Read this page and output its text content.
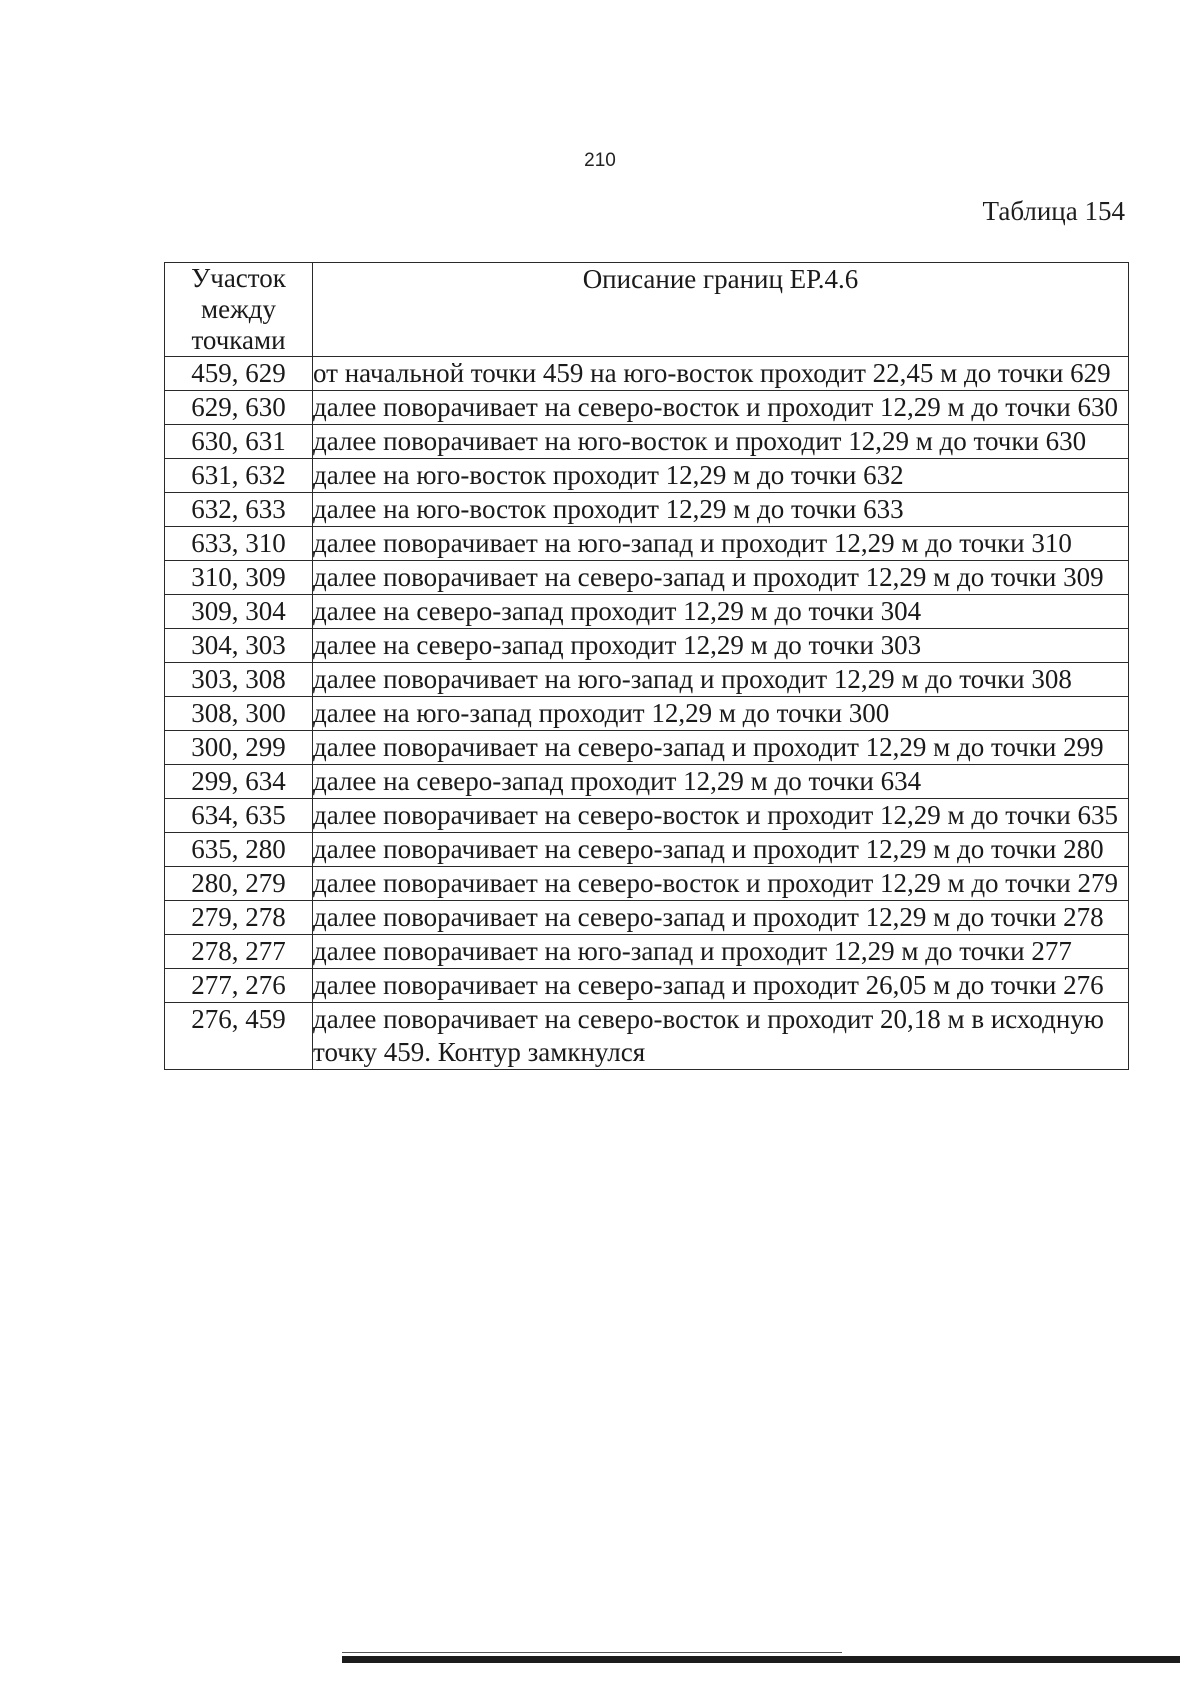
210
Таблица 154
Участок
между
точками	Описание границ ЕР.4.6
459, 629	от начальной точки 459 на юго-восток проходит 22,45 м до точки 629
629, 630	далее поворачивает на северо-восток и проходит 12,29 м до точки 630
630, 631	далее поворачивает на юго-восток и проходит 12,29 м до точки 630
631, 632	далее на юго-восток проходит 12,29 м до точки 632
632, 633	далее на юго-восток проходит 12,29 м до точки 633
633, 310	далее поворачивает на юго-запад и проходит 12,29 м до точки 310
310, 309	далее поворачивает на северо-запад и проходит 12,29 м до точки 309
309, 304	далее на северо-запад проходит 12,29 м до точки 304
304, 303	далее на северо-запад проходит 12,29 м до точки 303
303, 308	далее поворачивает на юго-запад и проходит 12,29 м до точки 308
308, 300	далее на юго-запад проходит 12,29 м до точки 300
300, 299	далее поворачивает на северо-запад и проходит 12,29 м до точки 299
299, 634	далее на северо-запад проходит 12,29 м до точки 634
634, 635	далее поворачивает на северо-восток и проходит 12,29 м до точки 635
635, 280	далее поворачивает на северо-запад и проходит 12,29 м до точки 280
280, 279	далее поворачивает на северо-восток и проходит 12,29 м до точки 279
279, 278	далее поворачивает на северо-запад и проходит 12,29 м до точки 278
278, 277	далее поворачивает на юго-запад и проходит 12,29 м до точки 277
277, 276	далее поворачивает на северо-запад и проходит 26,05 м до точки 276
276, 459	далее поворачивает на северо-восток и проходит 20,18 м в исходную точку 459. Контур замкнулся
